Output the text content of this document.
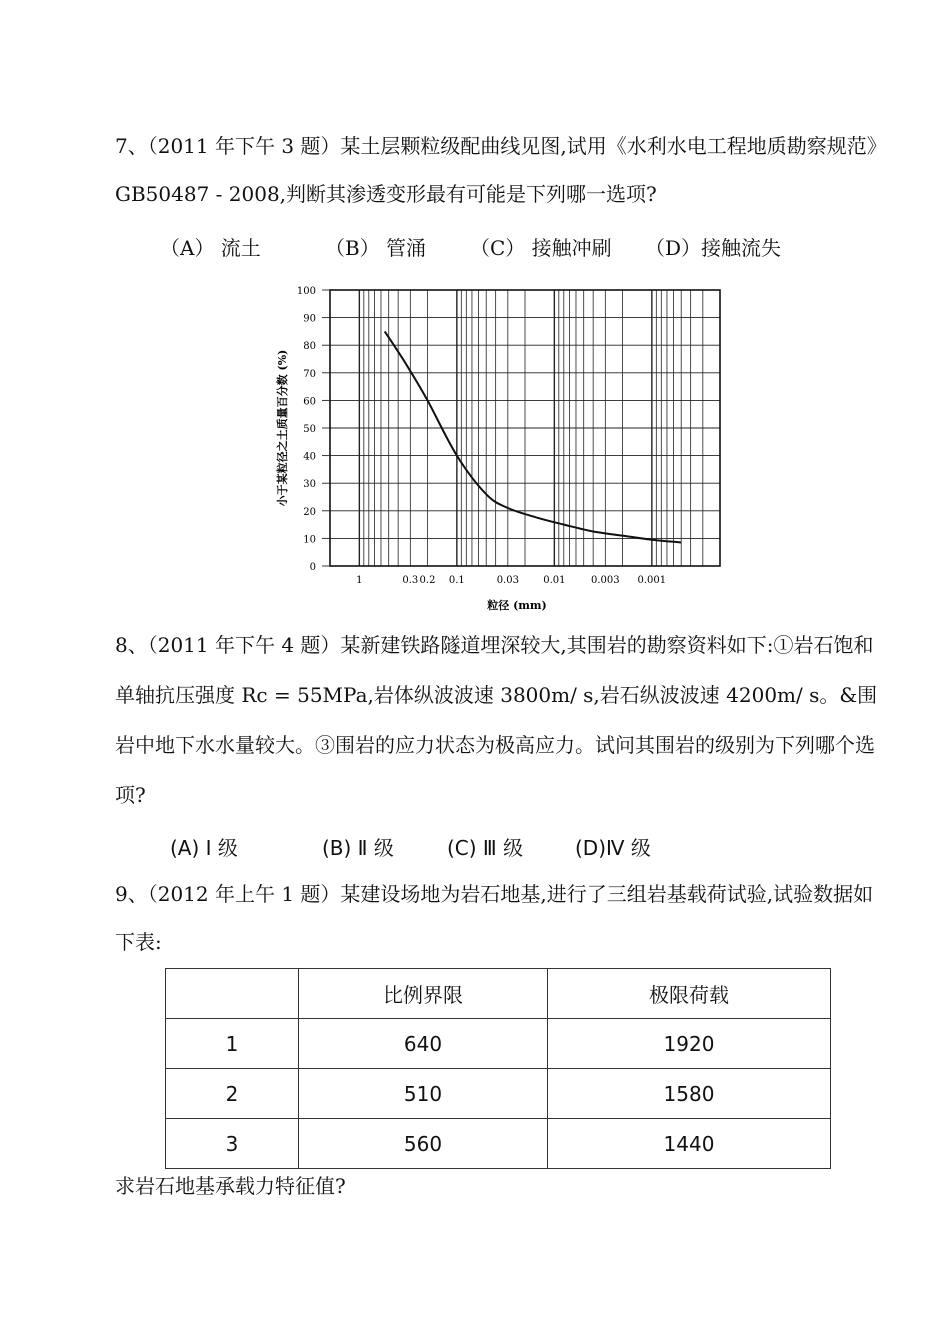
7、（2011 年下午 3 题）某土层颗粒级配曲线见图,试用《水利水电工程地质勘察规范》GB50487 - 2008,判断其渗透变形最有可能是下列哪一选项?
（A） 流土	（B） 管涌 （C） 接触冲刷 （D）接触流失
0
10
20
30
40
50
60
70
80
90
100
1	0.3 0.2 0.1	0.03 0.01	0.003 0.001
小于某粒径之土质量百分数 (%)
粒径 (mm)
8、（2011 年下午 4 题）某新建铁路隧道埋深较大,其围岩的勘察资料如下:①岩石饱和单轴抗压强度 Rc = 55MPa,岩体纵波波速 3800m/ s,岩石纵波波速 4200m/ s。&围岩中地下水水量较大。③围岩的应力状态为极高应力。试问其围岩的级别为下列哪个选项?
(A) Ⅰ 级	(B) Ⅱ 级	(C) Ⅲ 级	(D)Ⅳ 级
9、（2012 年上午 1 题）某建设场地为岩石地基,进行了三组岩基载荷试验,试验数据如下表:
	比例界限	极限荷载
1	640	1920
2	510	1580
3	560	1440
求岩石地基承载力特征值?
